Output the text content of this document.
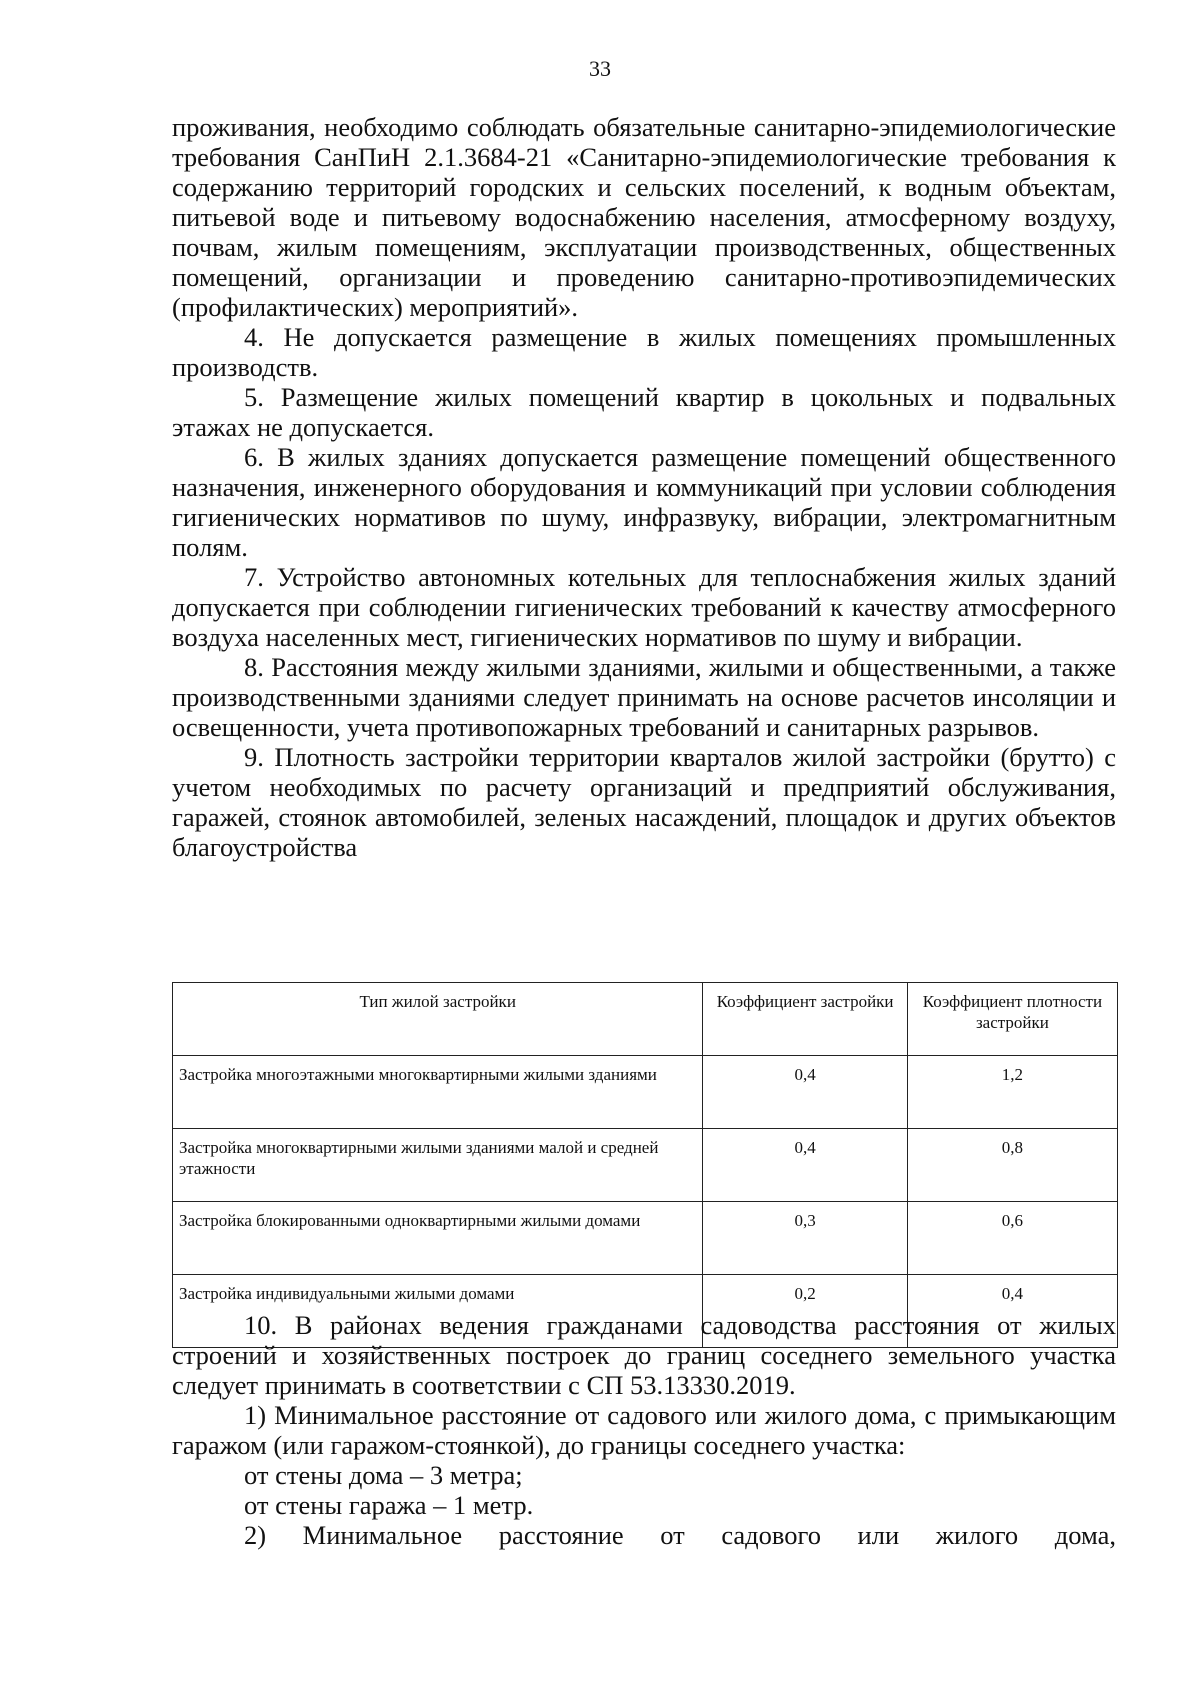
33

проживания, необходимо соблюдать обязательные санитарно-эпидемиологические требования СанПиН 2.1.3684-21 «Санитарно-эпидемиологические требования к содержанию территорий городских и сельских поселений, к водным объектам, питьевой воде и питьевому водоснабжению населения, атмосферному воздуху, почвам, жилым помещениям, эксплуатации производственных, общественных помещений, организации и проведению санитарно-противоэпидемических (профилактических) мероприятий».

4. Не допускается размещение в жилых помещениях промышленных производств.

5. Размещение жилых помещений квартир в цокольных и подвальных этажах не допускается.

6. В жилых зданиях допускается размещение помещений общественного назначения, инженерного оборудования и коммуникаций при условии соблюдения гигиенических нормативов по шуму, инфразвуку, вибрации, электромагнитным полям.

7. Устройство автономных котельных для теплоснабжения жилых зданий допускается при соблюдении гигиенических требований к качеству атмосферного воздуха населенных мест, гигиенических нормативов по шуму и вибрации.

8. Расстояния между жилыми зданиями, жилыми и общественными, а также производственными зданиями следует принимать на основе расчетов инсоляции и освещенности, учета противопожарных требований и санитарных разрывов.

9. Плотность застройки территории кварталов жилой застройки (брутто) с учетом необходимых по расчету организаций и предприятий обслуживания, гаражей, стоянок автомобилей, зеленых насаждений, площадок и других объектов благоустройства

Тип жилой застройки	Коэффициент застройки	Коэффициент плотности застройки
Застройка многоэтажными многоквартирными жилыми зданиями	0,4	1,2
Застройка многоквартирными жилыми зданиями малой и средней этажности	0,4	0,8
Застройка блокированными одноквартирными жилыми домами	0,3	0,6
Застройка индивидуальными жилыми домами	0,2	0,4

10. В районах ведения гражданами садоводства расстояния от жилых строений и хозяйственных построек до границ соседнего земельного участка следует принимать в соответствии с СП 53.13330.2019.

1) Минимальное расстояние от садового или жилого дома, с примыкающим гаражом (или гаражом-стоянкой), до границы соседнего участка:

от стены дома – 3 метра;

от стены гаража – 1 метр.

2) Минимальное расстояние от садового или жилого дома,
